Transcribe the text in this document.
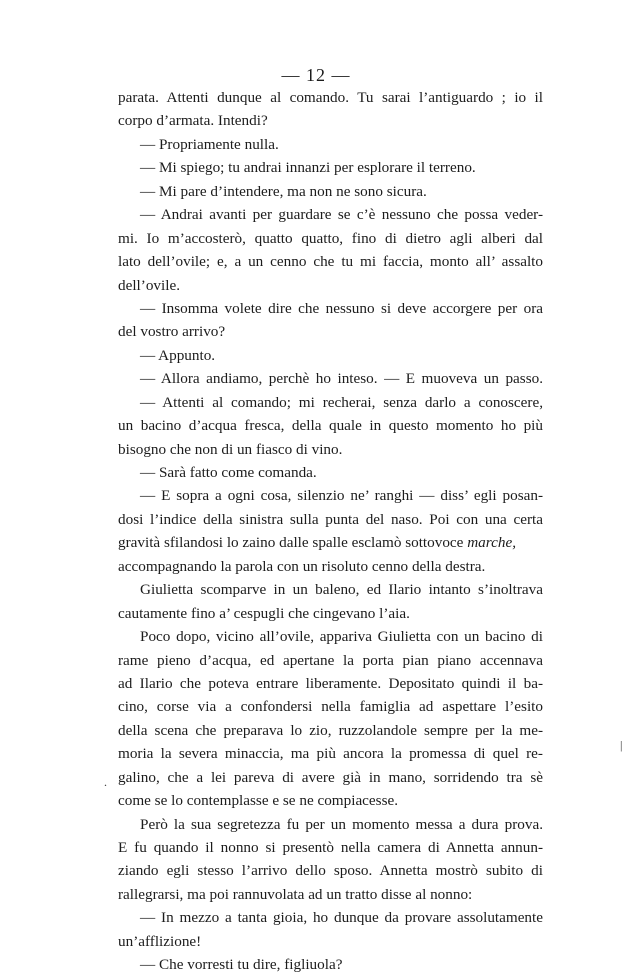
— 12 —
parata. Attenti dunque al comando. Tu sarai l’antiguardo ; io il
corpo d’armata. Intendi?
— Propriamente nulla.
— Mi spiego; tu andrai innanzi per esplorare il terreno.
— Mi pare d’intendere, ma non ne sono sicura.
— Andrai avanti per guardare se c’è nessuno che possa veder-
mi. Io m’accosterò, quatto quatto, fino di dietro agli alberi dal
lato dell’ovile; e, a un cenno che tu mi faccia, monto all’ assalto
dell’ovile.
— Insomma volete dire che nessuno si deve accorgere per ora
del vostro arrivo?
— Appunto.
— Allora andiamo, perchè ho inteso. — E muoveva un passo.
— Attenti al comando; mi recherai, senza darlo a conoscere,
un bacino d’acqua fresca, della quale in questo momento ho più
bisogno che non di un fiasco di vino.
— Sarà fatto come comanda.
— E sopra a ogni cosa, silenzio ne’ ranghi — diss’ egli posan-
dosi l’indice della sinistra sulla punta del naso. Poi con una certa
gravità sfilandosi lo zaino dalle spalle esclamò sottovoce marche,
accompagnando la parola con un risoluto cenno della destra.
Giulietta scomparve in un baleno, ed Ilario intanto s’inoltrava
cautamente fino a’ cespugli che cingevano l’aia.
Poco dopo, vicino all’ovile, appariva Giulietta con un bacino di
rame pieno d’acqua, ed apertane la porta pian piano accennava
ad Ilario che poteva entrare liberamente. Depositato quindi il ba-
cino, corse via a confondersi nella famiglia ad aspettare l’esito
della scena che preparava lo zio, ruzzolandole sempre per la me-
moria la severa minaccia, ma più ancora la promessa di quel re-
galino, che a lei pareva di avere già in mano, sorridendo tra sè
come se lo contemplasse e se ne compiacesse.
Però la sua segretezza fu per un momento messa a dura prova.
E fu quando il nonno si presentò nella camera di Annetta annun-
ziando egli stesso l’arrivo dello sposo. Annetta mostrò subito di
rallegrarsi, ma poi rannuvolata ad un tratto disse al nonno:
— In mezzo a tanta gioia, ho dunque da provare assolutamente
un’afflizione!
— Che vorresti tu dire, figliuola?
|
.
